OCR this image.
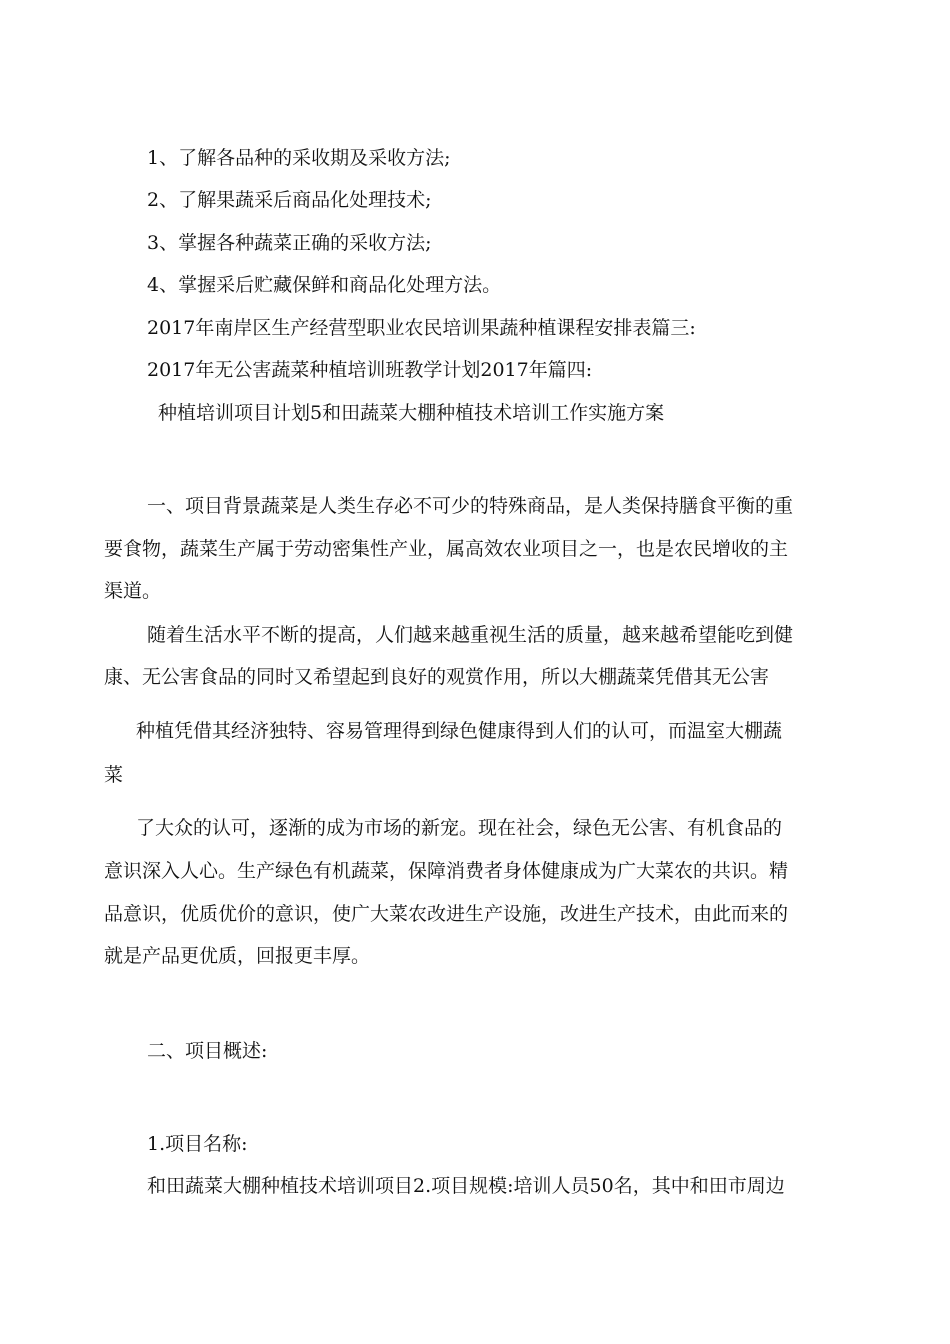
1、了解各品种的采收期及采收方法;

2、了解果蔬采后商品化处理技术;

3、掌握各种蔬菜正确的采收方法;

4、掌握采后贮藏保鲜和商品化处理方法。

2017年南岸区生产经营型职业农民培训果蔬种植课程安排表篇三:

2017年无公害蔬菜种植培训班教学计划2017年篇四:

种植培训项目计划5和田蔬菜大棚种植技术培训工作实施方案

一、项目背景蔬菜是人类生存必不可少的特殊商品，是人类保持膳食平衡的重

要食物，蔬菜生产属于劳动密集性产业，属高效农业项目之一，也是农民增收的主

渠道。

随着生活水平不断的提高，人们越来越重视生活的质量，越来越希望能吃到健

康、无公害食品的同时又希望起到良好的观赏作用，所以大棚蔬菜凭借其无公害

种植凭借其经济独特、容易管理得到绿色健康得到人们的认可，而温室大棚蔬

菜

了大众的认可，逐渐的成为市场的新宠。现在社会，绿色无公害、有机食品的

意识深入人心。生产绿色有机蔬菜，保障消费者身体健康成为广大菜农的共识。精

品意识，优质优价的意识，使广大菜农改进生产设施，改进生产技术，由此而来的

就是产品更优质，回报更丰厚。

二、项目概述:

1.项目名称:

和田蔬菜大棚种植技术培训项目2.项目规模:培训人员50名，其中和田市周边
